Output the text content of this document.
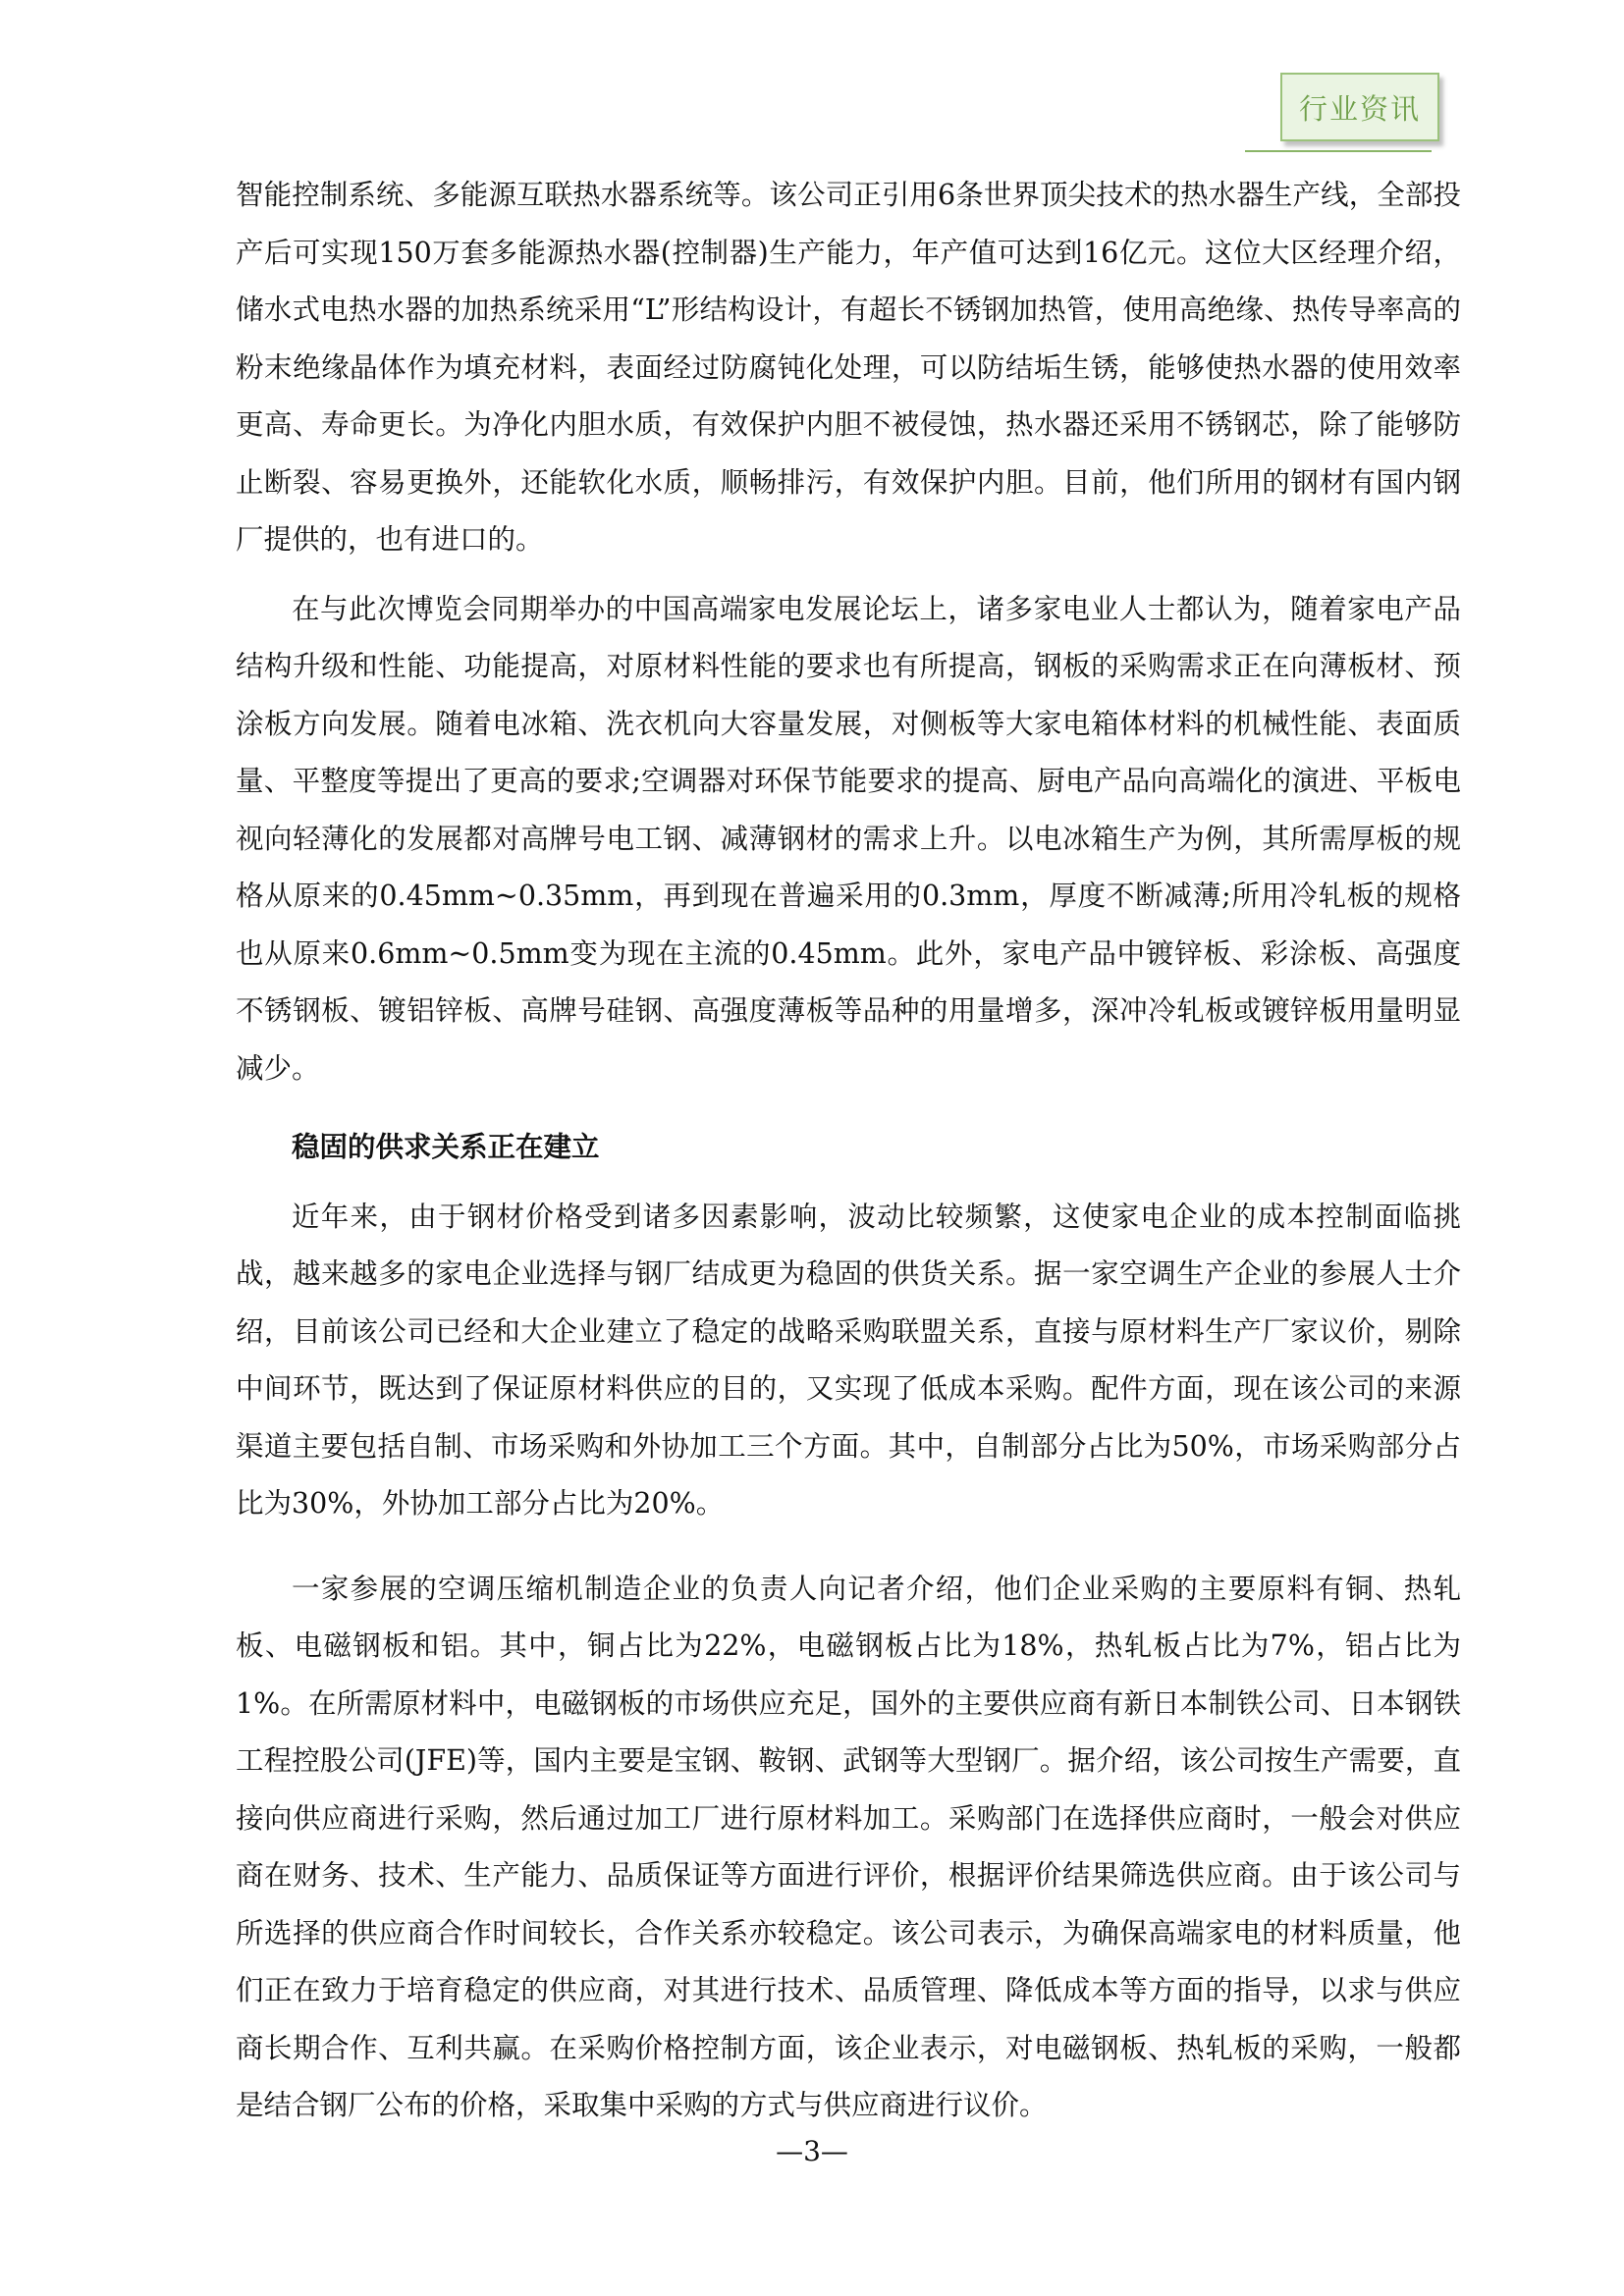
行业资讯

智能控制系统、多能源互联热水器系统等。该公司正引用6条世界顶尖技术的热水器生产线，全部投产后可实现150万套多能源热水器(控制器)生产能力，年产值可达到16亿元。这位大区经理介绍，储水式电热水器的加热系统采用“L”形结构设计，有超长不锈钢加热管，使用高绝缘、热传导率高的粉末绝缘晶体作为填充材料，表面经过防腐钝化处理，可以防结垢生锈，能够使热水器的使用效率更高、寿命更长。为净化内胆水质，有效保护内胆不被侵蚀，热水器还采用不锈钢芯，除了能够防止断裂、容易更换外，还能软化水质，顺畅排污，有效保护内胆。目前，他们所用的钢材有国内钢厂提供的，也有进口的。

在与此次博览会同期举办的中国高端家电发展论坛上，诸多家电业人士都认为，随着家电产品结构升级和性能、功能提高，对原材料性能的要求也有所提高，钢板的采购需求正在向薄板材、预涂板方向发展。随着电冰箱、洗衣机向大容量发展，对侧板等大家电箱体材料的机械性能、表面质量、平整度等提出了更高的要求;空调器对环保节能要求的提高、厨电产品向高端化的演进、平板电视向轻薄化的发展都对高牌号电工钢、减薄钢材的需求上升。以电冰箱生产为例，其所需厚板的规格从原来的0.45mm~0.35mm，再到现在普遍采用的0.3mm，厚度不断减薄;所用冷轧板的规格也从原来0.6mm~0.5mm变为现在主流的0.45mm。此外，家电产品中镀锌板、彩涂板、高强度不锈钢板、镀铝锌板、高牌号硅钢、高强度薄板等品种的用量增多，深冲冷轧板或镀锌板用量明显减少。

稳固的供求关系正在建立

近年来，由于钢材价格受到诸多因素影响，波动比较频繁，这使家电企业的成本控制面临挑战，越来越多的家电企业选择与钢厂结成更为稳固的供货关系。据一家空调生产企业的参展人士介绍，目前该公司已经和大企业建立了稳定的战略采购联盟关系，直接与原材料生产厂家议价，剔除中间环节，既达到了保证原材料供应的目的，又实现了低成本采购。配件方面，现在该公司的来源渠道主要包括自制、市场采购和外协加工三个方面。其中，自制部分占比为50%，市场采购部分占比为30%，外协加工部分占比为20%。

一家参展的空调压缩机制造企业的负责人向记者介绍，他们企业采购的主要原料有铜、热轧板、电磁钢板和铝。其中，铜占比为22%，电磁钢板占比为18%，热轧板占比为7%，铝占比为1%。在所需原材料中，电磁钢板的市场供应充足，国外的主要供应商有新日本制铁公司、日本钢铁工程控股公司(JFE)等，国内主要是宝钢、鞍钢、武钢等大型钢厂。据介绍，该公司按生产需要，直接向供应商进行采购，然后通过加工厂进行原材料加工。采购部门在选择供应商时，一般会对供应商在财务、技术、生产能力、品质保证等方面进行评价，根据评价结果筛选供应商。由于该公司与所选择的供应商合作时间较长，合作关系亦较稳定。该公司表示，为确保高端家电的材料质量，他们正在致力于培育稳定的供应商，对其进行技术、品质管理、降低成本等方面的指导，以求与供应商长期合作、互利共赢。在采购价格控制方面，该企业表示，对电磁钢板、热轧板的采购，一般都是结合钢厂公布的价格，采取集中采购的方式与供应商进行议价。

—3—
